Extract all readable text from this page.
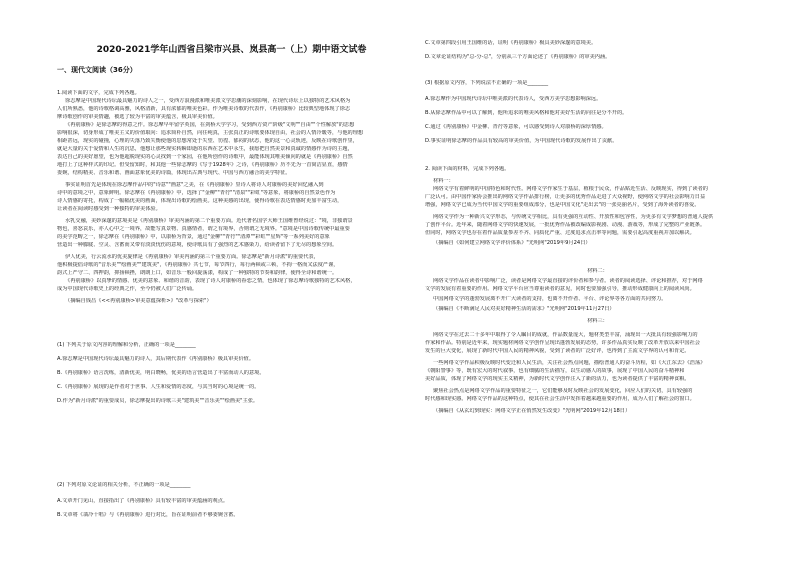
2020-2021学年山西省吕梁市兴县、岚县高一（上）期中语文试卷
一、现代文阅读（36分）
1.阅读下面的文字，完成下列各题。
徐志摩是中国现代诗坛最具魅力的诗人之一，受西方浪漫派和唯美派文学思潮的深刻影响，在现代诗坛上以独特的艺术风格为
人们所熟悉，他的诗歌格调高雅，风格清新，具有浓郁的唯美色彩。作为唯美诗歌的代表作，《再别康桥》比较典型地体现了徐志
摩诗歌创作的审美情趣，被选了较为丰富的审美蕴含，极具审美价值。
《再别康桥》是徐志摩的得意之作。徐志摩早年留学英国，在剑桥大学学习，受到西方资产阶级"文明""自由""个性解放"的思想
影响很深，切身形成了唯美主义的价值取向：追求简朴自然，向往纯真，主张真正的诗歌要体现自由，社会的人情冷暖等，与他的理想
相距甚远，现实的碰撞，心理的失落乃致失衡使他的思想常处于失望、彷徨、郁闷的状态，他的这一心灵轨迹，反映在诗歌创作里，
就是大量的关于爱情和人生的沉思，他想让那些现实转瞬即逝的东西在艺术中永生，我愿把自然美景和真诚的情感作为诗的主题，
表达自己的美好愿望，也为他超脱现实的心灵找到一个家园，在他所创作的诗歌中，最能体现其唯美倾向的就是《再别康桥》自然
地打上了这种样式的印记。但受留知时，和其他一些徐志摩的《写于1928年》之诗，《再别康桥》历不先为一首简洁显直，感情
委婉，结构精美、音乐和谐、画面意象优美的诗篇，体现出古典与现代、中国与西方融合的美学特征。
事实证明首先是体现在徐志摩作品中的"诗意""画意"之美，在《再别康桥》里诗人将诗人对康桥的美好回忆融入到
诗中的意境之中，意象鲜明。徐志摩在《再别康桥》中，选择了"金柳""青荇""清泉""彩虹"等意象，将康桥的自然景色作为
诗人情感的寄托，构成了一幅幅优美的画面，体现出诗歌的绘画美。这种美感的出现，使得诗歌在表达情感时更加丰富生动，
让读者在阅读时感受到一种独特的审美体验。
水乳交融，美妙深邃的意境美是《再别康桥》审美内涵的第二个重要方面。近代著名国学大师王国维曾经说过："境，非独谓景
物也，喜怒哀乐，亦人心中之一境界，故能写真景物、真感情者，谓之有境界，否则谓之无境界。"意境是中国诗歌传统中最重要
的美学范畴之一，徐志摩在《再别康桥》中，以康桥为背景，通过"金柳""青荇""清潭""彩虹""星辉"等一系列美好的意象
营造出一种朦胧、空灵、含蓄而又带有淡淡忧伤的意境，使诗歌具有了强烈的艺术感染力，给读者留下了无尽的想象空间。
伊人优美，行云流水的优美旋律是《再别康桥》审美内涵的第三个重要方面。徐志摩是"新月诗派"的重要代表，
他积极提倡诗歌的"音乐美""绘画美""建筑美"，《再别康桥》共七节，每节四行，每行两顿或三顿，不拘一格而又法度严谨，
韵式上严守二、四押韵，抑扬顿挫，朗朗上口，如音乐一般回旋荡漾，构成了一种独特的节奏和韵律，使得全诗和谐统一。
《再别康桥》以真挚的情感、优美的意象、和谐的音韵，表现了诗人对康桥的眷恋之情，也体现了徐志摩诗歌独特的艺术风格，
成为中国现代诗歌史上的经典之作，至今仍被人们广泛传诵。
（摘编自钱昌《<<再别康桥>审美意蕴探析>》"改革与探索"）
(1) 下列关于原文内容的理解和分析，正确的一项是________
A.徐志摩是中国现代诗坛最具魅力的诗人，其后期代表作《再别康桥》极具审美价值。
B.《再别康桥》语言洗练，清新优美，明白晓畅，优美的语言营造出了丰富而动人的意境。
C.《再别康桥》展现的是作者对于世事、人生和爱情的态度，与其当时的心境是统一的。
D.作为"新月诗派"的重要成员，徐志摩提出的诗歌三美"建筑美""音乐美""绘画美"主张。
(2) 下列对原文论证的相关分析，不正确的一项是________
A.文章开门见山，直接指出了《再别康桥》具有较丰富的审美蕴涵的观点。
B.文章将《翡冷十唱》与《再别康桥》进行对比，旨在证明前者不够委婉含蓄。
C.文章第四段引用王国维的话，证明《再别康桥》极具美妙深邃的意境美。
D.文章论证结构为"总-分-总"，分别从三个方面论述了《再别康桥》的审美内涵。
(3) 根据原文内容，下列说法不正确的一项是________
A.徐志摩作为中国现代诗坛中唯美派的代表诗人，受西方美学思想影响深远。
B.从徐志摩作品中可以了解到，他所追求的唯美风格和他对美好生活的向往是分不开的。
C.通过《再别康桥》中金柳、青荇等意象，可以感受到诗人对康桥的深厚情感。
D.事实证明徐志摩的作品具有较高的审美价值，为中国现代诗歌的发展作出了贡献。
2. 阅读下面的材料，完成下列各题。
材料一：
网络文学有着鲜明的中国特色和时代性。网络文学作家生于基层，植根于民众，作品贴近生活、反映现实，得到了读者的
广泛认可。由中国作家协会推出的网络文学作品排行榜，让更多的优秀作品走进了大众视野，使网络文学的社会影响力日益
增强，网络文学已成为当代中国文学的重要组成部分，也是中国文化"走出去"的一张亮丽名片，受到了海外读者的喜爱。
网络文学作为一种新兴文学形态，与传统文学相比，具有更强的互动性、开放性和包容性，为更多有文学梦想的普通人提供
了创作平台。近年来，随着网络文学的快速发展，一批优秀作品被改编成影视剧、动漫、游戏等，形成了完整的产业链条。
但同时，网络文学也存在着作品质量参差不齐、同质化严重、过度追求点击率等问题，需要引起高度重视并加以解决。
（摘编自《如何建立网络文学评价体系》"光明网"2019年9月24日）
材料二：
网络文学作品在读者中影响广泛，读者是网络文学最直接的评价者和参与者。读者的阅读选择、评论和推荐，对于网络
文学的发展有着重要的作用。网络文学平台应当尊重读者的意见，同时也要加强引导，推动形成健康向上的阅读风尚。
中国网络文学的蓬勃发展离不开广大读者的支持，也离不开作者、平台、评论界等各方面的共同努力。
（摘编自《不断满足人民对美好精神生活的需求》"光明网"2019年11月27日）
材料三：
网络文学在过去二十多年中取得了令人瞩目的成就，作品数量庞大，题材类型丰富，涌现出一大批具有较强影响力的
作家和作品。特别是近年来，现实题材网络文学创作呈现出蓬勃发展的态势，许多作品真实反映了改革开放以来中国社会
发生的巨大变化，展现了新时代中国人民的精神风貌，受到了读者的广泛好评，也得到了主流文学界的认可和肯定。
一些网络文学作品积极反映时代变迁和人民生活，关注社会热点问题，描绘普通人的奋斗历程，如《大江东去》《浩荡》
《朝阳警事》等，既有宏大的时代叙事，也有细腻的生活描写，以生动感人的故事，展现了中国人民的奋斗精神和
美好品质，体现了网络文学的现实主义精神，为新时代文学创作注入了新的活力，也为读者提供了丰富的精神食粮。
聚焦社会热点是网络文学作品的重要特征之一，它们能够及时反映社会的发展变化，回应人们的关切，具有较强的
时代感和现实感。网络文学作品的这种特点，使其在社会生活中发挥着越来越重要的作用，成为人们了解社会的窗口。
（摘编自《从玄幻到现实：网络文学正在悄然发生改变》"光明网"2019年12月18日）
